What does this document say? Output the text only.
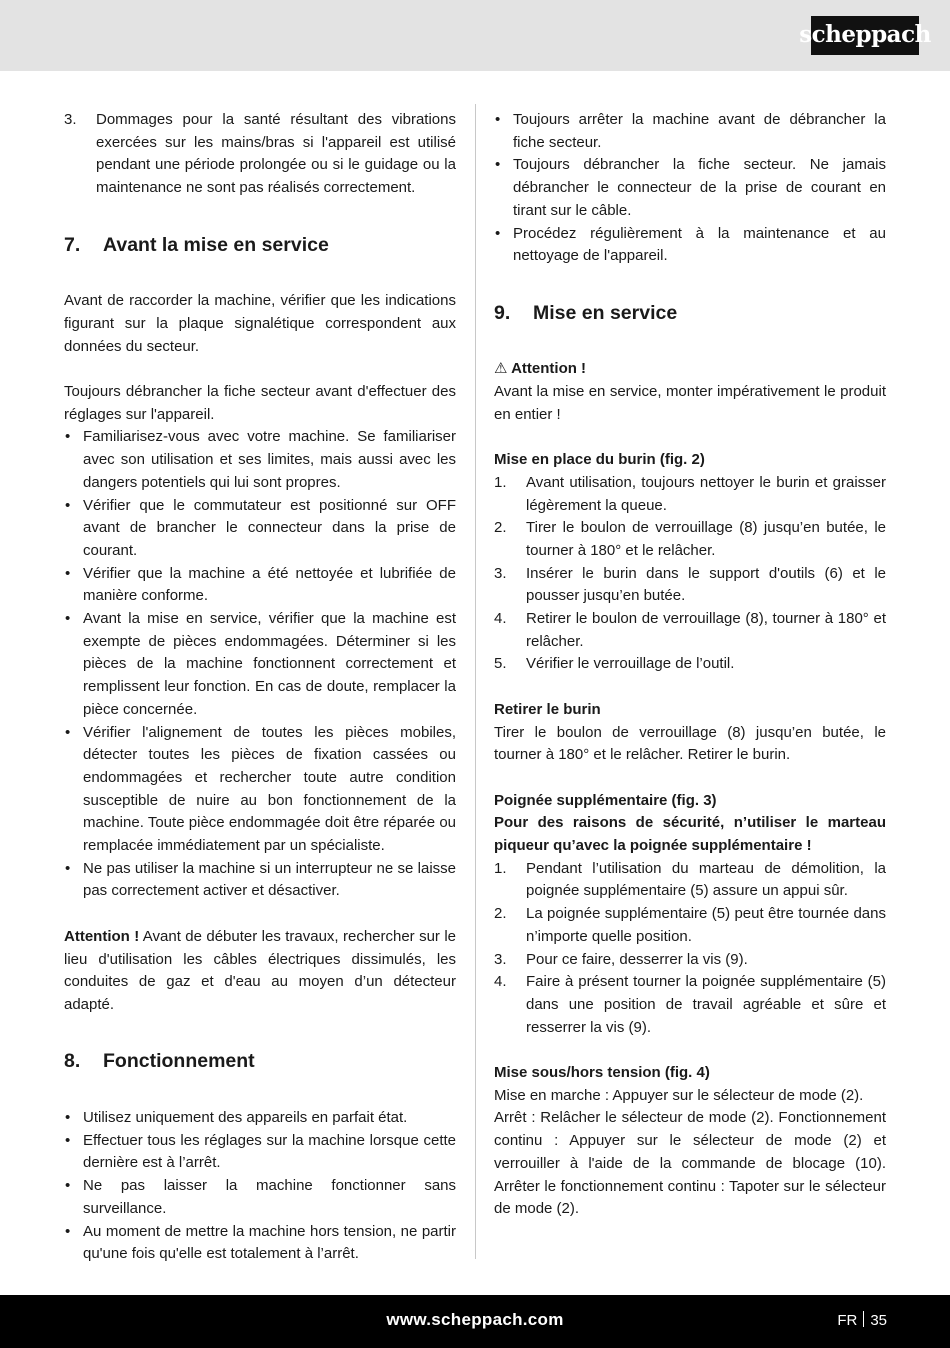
scheppach
3. Dommages pour la santé résultant des vibrations exercées sur les mains/bras si l'appareil est utilisé pendant une période prolongée ou si le guidage ou la maintenance ne sont pas réalisés correctement.
7.	Avant la mise en service

Avant de raccorder la machine, vérifier que les indications figurant sur la plaque signalétique correspondent aux données du secteur.

Toujours débrancher la fiche secteur avant d'effectuer des réglages sur l'appareil.

• Familiarisez-vous avec votre machine. Se familiariser avec son utilisation et ses limites, mais aussi avec les dangers potentiels qui lui sont propres.
• Vérifier que le commutateur est positionné sur OFF avant de brancher le connecteur dans la prise de courant.
• Vérifier que la machine a été nettoyée et lubrifiée de manière conforme.
• Avant la mise en service, vérifier que la machine est exempte de pièces endommagées. Déterminer si les pièces de la machine fonctionnent correctement et remplissent leur fonction. En cas de doute, remplacer la pièce concernée.
• Vérifier l'alignement de toutes les pièces mobiles, détecter toutes les pièces de fixation cassées ou endommagées et rechercher toute autre condition susceptible de nuire au bon fonctionnement de la machine. Toute pièce endommagée doit être réparée ou remplacée immédiatement par un spécialiste.
• Ne pas utiliser la machine si un interrupteur ne se laisse pas correctement activer et désactiver.

Attention ! Avant de débuter les travaux, rechercher sur le lieu d'utilisation les câbles électriques dissimulés, les conduites de gaz et d'eau au moyen d’un détecteur adapté.

8.	Fonctionnement
• Utilisez uniquement des appareils en parfait état.
• Effectuer tous les réglages sur la machine lorsque cette dernière est à l’arrêt.
• Ne pas laisser la machine fonctionner sans surveillance.
• Au moment de mettre la machine hors tension, ne partir qu'une fois qu'elle est totalement à l’arrêt.
• Toujours arrêter la machine avant de débrancher la fiche secteur.
• Toujours débrancher la fiche secteur. Ne jamais débrancher le connecteur de la prise de courant en tirant sur le câble.
• Procédez régulièrement à la maintenance et au nettoyage de l'appareil.
9.	Mise en service

⚠ Attention !

Avant la mise en service, monter impérativement le produit en entier !

Mise en place du burin (fig. 2)

1. Avant utilisation, toujours nettoyer le burin et graisser légèrement la queue.
2. Tirer le boulon de verrouillage (8) jusqu’en butée, le tourner à 180° et le relâcher.
3. Insérer le burin dans le support d'outils (6) et le pousser jusqu’en butée.
4. Retirer le boulon de verrouillage (8), tourner à 180° et relâcher.
5. Vérifier le verrouillage de l’outil.

Retirer le burin

Tirer le boulon de verrouillage (8) jusqu’en butée, le tourner à 180° et le relâcher. Retirer le burin.

Poignée supplémentaire (fig. 3)

Pour des raisons de sécurité, n’utiliser le marteau piqueur qu’avec la poignée supplémentaire !

1. Pendant l’utilisation du marteau de démolition, la poignée supplémentaire (5) assure un appui sûr.
2. La poignée supplémentaire (5) peut être tournée dans n’importe quelle position.
3. Pour ce faire, desserrer la vis (9).
4. Faire à présent tourner la poignée supplémentaire (5) dans une position de travail agréable et sûre et resserrer la vis (9).

Mise sous/hors tension (fig. 4)

Mise en marche : Appuyer sur le sélecteur de mode (2).

Arrêt : Relâcher le sélecteur de mode (2). Fonctionnement continu : Appuyer sur le sélecteur de mode (2) et verrouiller à l'aide de la commande de blocage (10). Arrêter le fonctionnement continu : Tapoter sur le sélecteur de mode (2).

www.scheppach.com	FR 35
